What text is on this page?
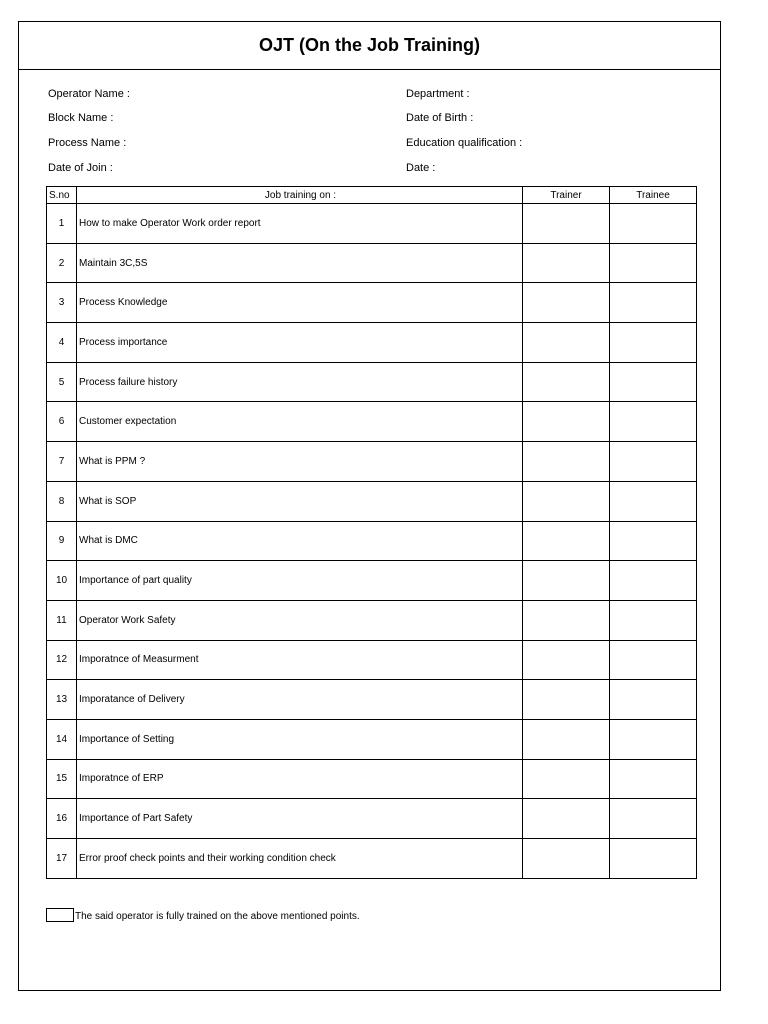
OJT (On the Job Training)
Operator Name :	Department :
Block Name :	Date of Birth :
Process Name :	Education qualification :
Date of Join :	Date :
S.no	Job training on :	Trainer	Trainee
1	How to make Operator Work order report		
2	Maintain 3C,5S		
3	Process Knowledge		
4	Process importance		
5	Process failure history		
6	Customer expectation		
7	What is PPM ?		
8	What is SOP		
9	What is DMC		
10	Importance of part quality		
11	Operator Work Safety		
12	Imporatnce of Measurment		
13	Imporatance of Delivery		
14	Importance of Setting		
15	Imporatnce of ERP		
16	Importance of Part Safety		
17	Error proof check points and their working condition check		
The said operator is fully trained on the above mentioned points.
